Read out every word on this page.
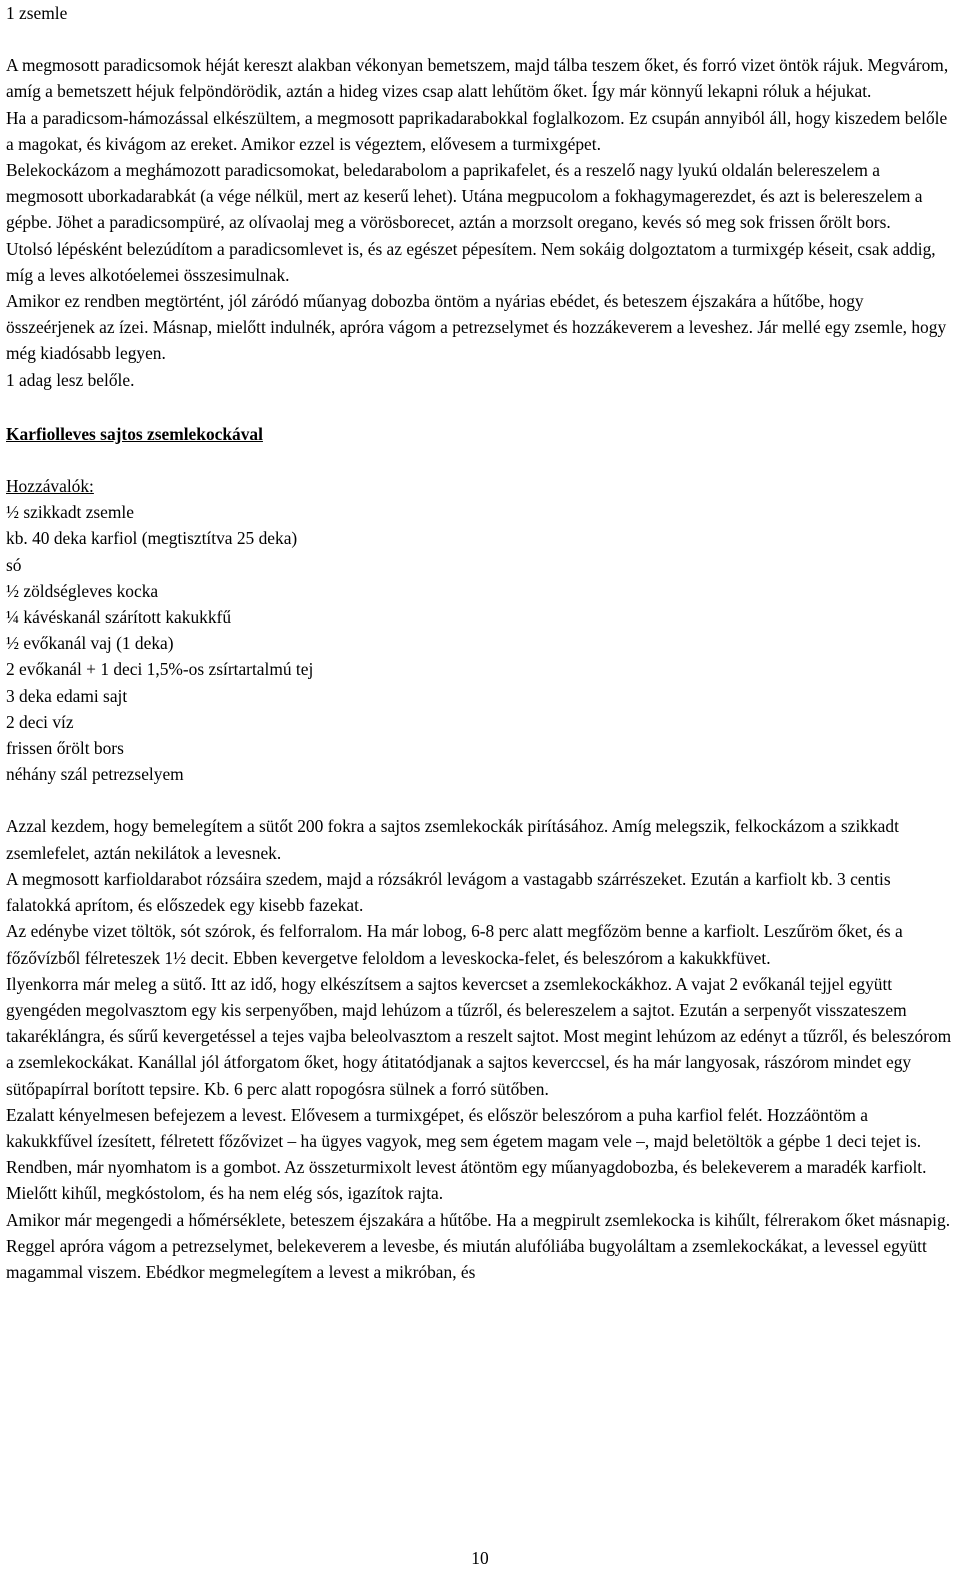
1 zsemle

A megmosott paradicsomok héját kereszt alakban vékonyan bemetszem, majd tálba teszem őket, és forró vizet öntök rájuk. Megvárom, amíg a bemetszett héjuk felpöndörödik, aztán a hideg vizes csap alatt lehűtöm őket. Így már könnyű lekapni róluk a héjukat.

Ha a paradicsom-hámozással elkészültem, a megmosott paprikadarabokkal foglalkozom. Ez csupán annyiból áll, hogy kiszedem belőle a magokat, és kivágom az ereket. Amikor ezzel is végeztem, elővesem a turmixgépet.

Belekockázom a meghámozott paradicsomokat, beledarabolom a paprikafelet, és a reszelő nagy lyukú oldalán belereszelem a megmosott uborkadarabkát (a vége nélkül, mert az keserű lehet). Utána megpucolom a fokhagymagerezdet, és azt is belereszelem a gépbe. Jöhet a paradicsompüré, az olívaolaj meg a vörösborecet, aztán a morzsolt oregano, kevés só meg sok frissen őrölt bors.

Utolsó lépésként belezúdítom a paradicsomlevet is, és az egészet pépesítem. Nem sokáig dolgoztatom a turmixgép késeit, csak addig, míg a leves alkotóelemei összesimulnak.

Amikor ez rendben megtörtént, jól záródó műanyag dobozba öntöm a nyárias ebédet, és beteszem éjszakára a hűtőbe, hogy összeérjenek az ízei. Másnap, mielőtt indulnék, apróra vágom a petrezselymet és hozzákeverem a leveshez. Jár mellé egy zsemle, hogy még kiadósabb legyen.

1 adag lesz belőle.

Karfiolleves sajtos zsemlekockával

Hozzávalók:

½ szikkadt zsemle
kb. 40 deka karfiol (megtisztítva 25 deka)
só
½ zöldségleves kocka
¼ kávéskanál szárított kakukkfű
½ evőkanál vaj (1 deka)
2 evőkanál + 1 deci 1,5%-os zsírtartalmú tej
3 deka edami sajt
2 deci víz
frissen őrölt bors
néhány szál petrezselyem

Azzal kezdem, hogy bemelegítem a sütőt 200 fokra a sajtos zsemlekockák pirításához. Amíg melegszik, felkockázom a szikkadt zsemlefelet, aztán nekilátok a levesnek.

A megmosott karfioldarabot rózsáira szedem, majd a rózsákról levágom a vastagabb szárrészeket. Ezután a karfiolt kb. 3 centis falatokká aprítom, és előszedek egy kisebb fazekat.

Az edénybe vizet töltök, sót szórok, és felforralom. Ha már lobog, 6-8 perc alatt megfőzöm benne a karfiolt. Leszűröm őket, és a főzővízből félreteszek 1½ decit. Ebben kevergetve feloldom a leveskocka-felet, és beleszórom a kakukkfüvet.

Ilyenkorra már meleg a sütő. Itt az idő, hogy elkészítsem a sajtos kevercset a zsemlekockákhoz. A vajat 2 evőkanál tejjel együtt gyengéden megolvasztom egy kis serpenyőben, majd lehúzom a tűzről, és belereszelem a sajtot. Ezután a serpenyőt visszateszem takaréklángra, és sűrű kevergetéssel a tejes vajba beleolvasztom a reszelt sajtot. Most megint lehúzom az edényt a tűzről, és beleszórom a zsemlekockákat. Kanállal jól átforgatom őket, hogy átitatódjanak a sajtos keverccsel, és ha már langyosak, rászórom mindet egy sütőpapírral borított tepsire. Kb. 6 perc alatt ropogósra sülnek a forró sütőben.

Ezalatt kényelmesen befejezem a levest. Elővesem a turmixgépet, és először beleszórom a puha karfiol felét. Hozzáöntöm a kakukkfűvel ízesített, félretett főzővizet – ha ügyes vagyok, meg sem égetem magam vele –, majd beletöltök a gépbe 1 deci tejet is. Rendben, már nyomhatom is a gombot. Az összeturmixolt levest átöntöm egy műanyagdobozba, és belekeverem a maradék karfiolt. Mielőtt kihűl, megkóstolom, és ha nem elég sós, igazítok rajta.

Amikor már megengedi a hőmérséklete, beteszem éjszakára a hűtőbe. Ha a megpirult zsemlekocka is kihűlt, félrerakom őket másnapig.

Reggel apróra vágom a petrezselymet, belekeverem a levesbe, és miután alufóliába bugyoláltam a zsemlekockákat, a levessel együtt magammal viszem. Ebédkor megmelegítem a levest a mikróban, és

10
